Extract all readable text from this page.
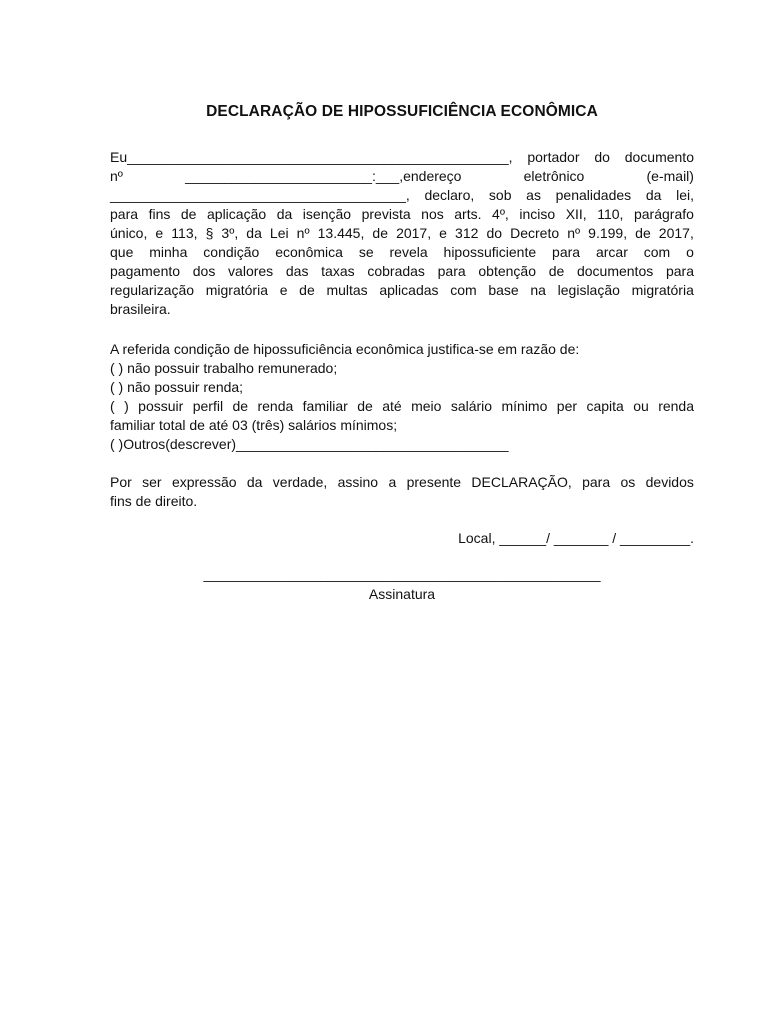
DECLARAÇÃO DE HIPOSSUFICIÊNCIA ECONÔMICA
Eu_________________________________________________, portador do documento
nº	________________________:___,endereço	eletrônico	(e-mail)
______________________________________, declaro, sob as penalidades da lei,
para fins de aplicação da isenção prevista nos arts. 4º, inciso XII, 110, parágrafo
único, e 113, § 3º, da Lei nº 13.445, de 2017, e 312 do Decreto nº 9.199, de 2017,
que minha condição econômica se revela hipossuficiente para arcar com o
pagamento dos valores das taxas cobradas para obtenção de documentos para
regularização migratória e de multas aplicadas com base na legislação migratória
brasileira.
A referida condição de hipossuficiência econômica justifica-se em razão de:
( ) não possuir trabalho remunerado;
( ) não possuir renda;
( ) possuir perfil de renda familiar de até meio salário mínimo per capita ou renda
familiar total de até 03 (três) salários mínimos;
( )Outros(descrever)___________________________________
Por ser expressão da verdade, assino a presente DECLARAÇÃO, para os devidos
fins de direito.
Local, ______/ _______ / _________.
___________________________________________________
Assinatura
